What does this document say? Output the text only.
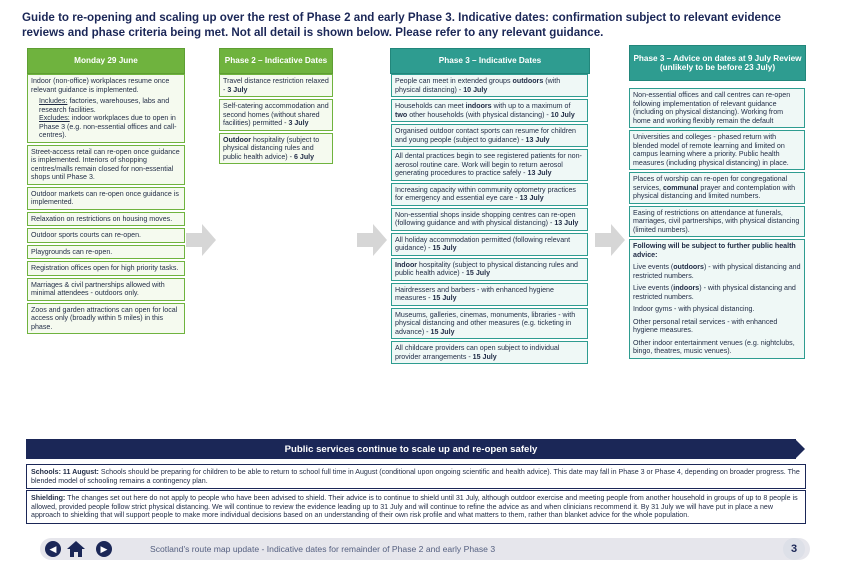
Guide to re-opening and scaling up over the rest of Phase 2 and early Phase 3. Indicative dates: confirmation subject to relevant evidence reviews and phase criteria being met. Not all detail is shown below. Please refer to any relevant guidance.
Monday 29 June	Phase 2 – Indicative Dates	Phase 3 – Indicative Dates	Phase 3 – Advice on dates at 9 July Review (unlikely to be before 23 July)
Indoor (non-office) workplaces resume once relevant guidance is implemented.
Includes: factories, warehouses, labs and research facilities.
Excludes: indoor workplaces due to open in Phase 3 (e.g. non-essential offices and call-centres).
Street-access retail can re-open once guidance is implemented. Interiors of shopping centres/malls remain closed for non-essential shops until Phase 3.
Outdoor markets can re-open once guidance is implemented.
Relaxation on restrictions on housing moves.
Outdoor sports courts can re-open.
Playgrounds can re-open.
Registration offices open for high priority tasks.
Marriages & civil partnerships allowed with minimal attendees - outdoors only.
Zoos and garden attractions can open for local access only (broadly within 5 miles) in this phase.
Travel distance restriction relaxed - 3 July
Self-catering accommodation and second homes (without shared facilities) permitted - 3 July
Outdoor hospitality (subject to physical distancing rules and public health advice) - 6 July
People can meet in extended groups outdoors (with physical distancing) - 10 July
Households can meet indoors with up to a maximum of two other households (with physical distancing) - 10 July
Organised outdoor contact sports can resume for children and young people (subject to guidance) - 13 July
All dental practices begin to see registered patients for non-aerosol routine care. Work will begin to return aerosol generating procedures to practice safely - 13 July
Increasing capacity within community optometry practices for emergency and essential eye care - 13 July
Non-essential shops inside shopping centres can re-open (following guidance and with physical distancing) - 13 July
All holiday accommodation permitted (following relevant guidance) - 15 July
Indoor hospitality (subject to physical distancing rules and public health advice) - 15 July
Hairdressers and barbers - with enhanced hygiene measures - 15 July
Museums, galleries, cinemas, monuments, libraries - with physical distancing and other measures (e.g. ticketing in advance) - 15 July
All childcare providers can open subject to individual provider arrangements - 15 July
Non-essential offices and call centres can re-open following implementation of relevant guidance (including on physical distancing). Working from home and working flexibly remain the default
Universities and colleges - phased return with blended model of remote learning and limited on campus learning where a priority. Public health measures (including physical distancing) in place.
Places of worship can re-open for congregational services, communal prayer and contemplation with physical distancing and limited numbers.
Easing of restrictions on attendance at funerals, marriages, civil partnerships, with physical distancing (limited numbers).
Following will be subject to further public health advice:
Live events (outdoors) - with physical distancing and restricted numbers.
Live events (indoors) - with physical distancing and restricted numbers.
Indoor gyms - with physical distancing.
Other personal retail services - with enhanced hygiene measures.
Other indoor entertainment venues (e.g. nightclubs, bingo, theatres, music venues).
Public services continue to scale up and re-open safely
Schools: 11 August: Schools should be preparing for children to be able to return to school full time in August (conditional upon ongoing scientific and health advice). This date may fall in Phase 3 or Phase 4, depending on broader progress. The blended model of schooling remains a contingency plan.
Shielding: The changes set out here do not apply to people who have been advised to shield. Their advice is to continue to shield until 31 July, although outdoor exercise and meeting people from another household in groups of up to 8 people is allowed, provided people follow strict physical distancing. We will continue to review the evidence leading up to 31 July and will continue to refine the advice as and when clinicians recommend it. By 31 July we will have put in place a new approach to shielding that will support people to make more individual decisions based on an understanding of their own risk profile and what matters to them, rather than blanket advice for the whole population.
◀	▶	Scotland's route map update - Indicative dates for remainder of Phase 2 and early Phase 3	3
